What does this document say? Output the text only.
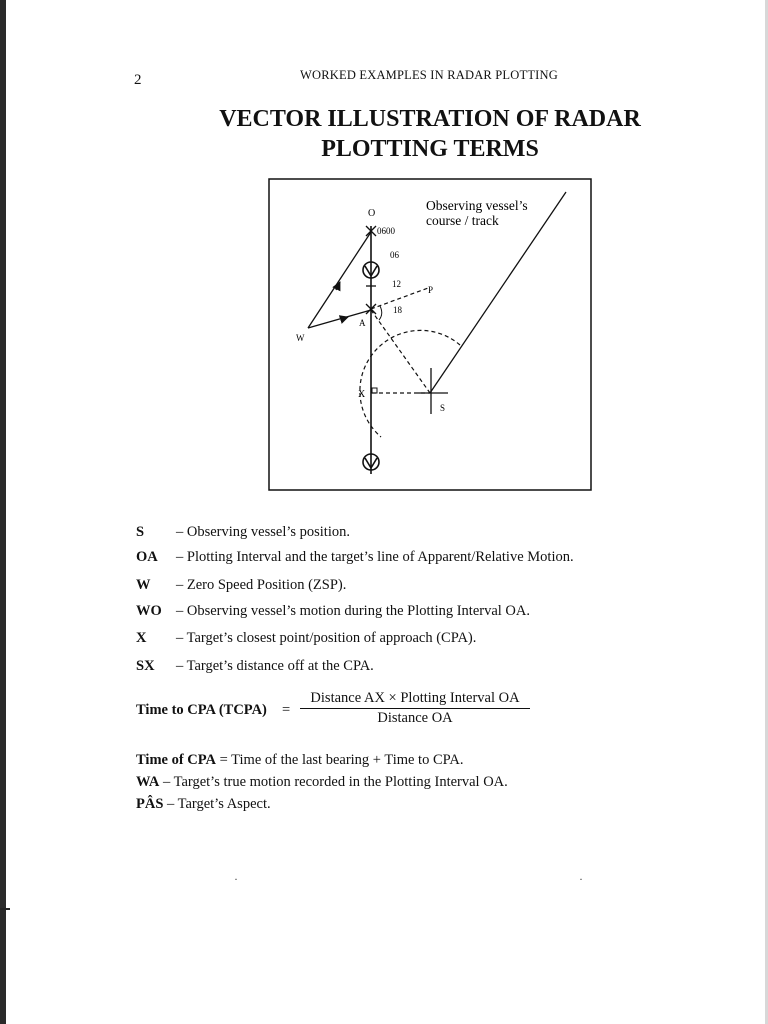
2	WORKED EXAMPLES IN RADAR PLOTTING
VECTOR ILLUSTRATION OF RADAR
PLOTTING TERMS
O
0600
06
12
P
18
A
W
X
S
Observing vessel’s
course / track
S – Observing vessel’s position.
OA – Plotting Interval and the target’s line of Apparent/Relative Motion.
W – Zero Speed Position (ZSP).
WO – Observing vessel’s motion during the Plotting Interval OA.
X – Target’s closest point/position of approach (CPA).
SX – Target’s distance off at the CPA.
Time to CPA (TCPA) =
Distance AX × Plotting Interval OA
Distance OA
Time of CPA = Time of the last bearing + Time to CPA.
WA – Target’s true motion recorded in the Plotting Interval OA.
PÂS – Target’s Aspect.
·	·
